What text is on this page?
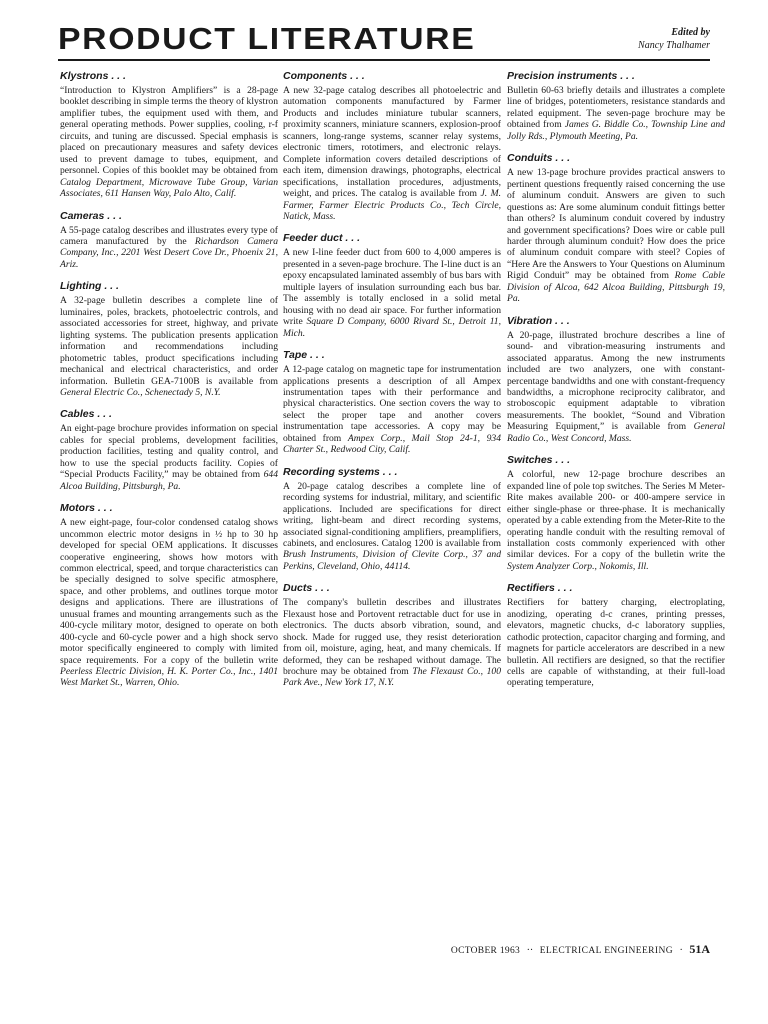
PRODUCT LITERATURE	Edited by
Nancy Thalhamer
Klystrons . . .

“Introduction to Klystron Amplifiers” is a 28-page booklet describing in simple terms the theory of klystron amplifier tubes, the equipment used with them, and general operating methods. Power supplies, cooling, r-f circuits, and tuning are discussed. Special emphasis is placed on precautionary measures and safety devices used to prevent damage to tubes, equipment, and personnel. Copies of this booklet may be obtained from Catalog Department, Microwave Tube Group, Varian Associates, 611 Hansen Way, Palo Alto, Calif.

Cameras . . .

A 55-page catalog describes and illustrates every type of camera manufactured by the Richardson Camera Company, Inc., 2201 West Desert Cove Dr., Phoenix 21, Ariz.

Lighting . . .

A 32-page bulletin describes a complete line of luminaires, poles, brackets, photoelectric controls, and associated accessories for street, highway, and private lighting systems. The publication presents application information and recommendations including photometric tables, product specifications including mechanical and electrical characteristics, and order information. Bulletin GEA-7100B is available from General Electric Co., Schenectady 5, N.Y.

Cables . . .

An eight-page brochure provides information on special cables for special problems, development facilities, production facilities, testing and quality control, and how to use the special products facility. Copies of “Special Products Facility,” may be obtained from 644 Alcoa Building, Pittsburgh, Pa.

Motors . . .

A new eight-page, four-color condensed catalog shows uncommon electric motor designs in ½ hp to 30 hp developed for special OEM applications. It discusses cooperative engineering, shows how motors with common electrical, speed, and torque characteristics can be specially designed to solve specific atmosphere, space, and other problems, and outlines torque motor designs and applications. There are illustrations of unusual frames and mounting arrangements such as the 400-cycle military motor, designed to operate on both 400-cycle and 60-cycle power and a high shock servo motor specifically engineered to comply with limited space requirements. For a copy of the bulletin write Peerless Electric Division, H. K. Porter Co., Inc., 1401 West Market St., Warren, Ohio.

Components . . .

A new 32-page catalog describes all photoelectric and automation components manufactured by Farmer Products and includes miniature tubular scanners, proximity scanners, miniature scanners, explosion-proof scanners, long-range systems, scanner relay systems, electronic timers, rototimers, and electronic relays. Complete information covers detailed descriptions of each item, dimension drawings, photographs, electrical specifications, installation procedures, adjustments, weight, and prices. The catalog is available from J. M. Farmer, Farmer Electric Products Co., Tech Circle, Natick, Mass.

Feeder duct . . .

A new I-line feeder duct from 600 to 4,000 amperes is presented in a seven-page brochure. The I-line duct is an epoxy encapsulated laminated assembly of bus bars with multiple layers of insulation surrounding each bus bar. The assembly is totally enclosed in a solid metal housing with no dead air space. For further information write Square D Company, 6000 Rivard St., Detroit 11, Mich.

Tape . . .

A 12-page catalog on magnetic tape for instrumentation applications presents a description of all Ampex instrumentation tapes with their performance and physical characteristics. One section covers the way to select the proper tape and another covers instrumentation tape accessories. A copy may be obtained from Ampex Corp., Mail Stop 24-1, 934 Charter St., Redwood City, Calif.

Recording systems . . .

A 20-page catalog describes a complete line of recording systems for industrial, military, and scientific applications. Included are specifications for direct writing, light-beam and direct recording systems, associated signal-conditioning amplifiers, preamplifiers, cabinets, and enclosures. Catalog 1200 is available from Brush Instruments, Division of Clevite Corp., 37 and Perkins, Cleveland, Ohio, 44114.

Ducts . . .

The company's bulletin describes and illustrates Flexaust hose and Portovent retractable duct for use in electronics. The ducts absorb vibration, sound, and shock. Made for rugged use, they resist deterioration from oil, moisture, aging, heat, and many chemicals. If deformed, they can be reshaped without damage. The brochure may be obtained from The Flexaust Co., 100 Park Ave., New York 17, N.Y.

Precision instruments . . .

Bulletin 60-63 briefly details and illustrates a complete line of bridges, potentiometers, resistance standards and related equipment. The seven-page brochure may be obtained from James G. Biddle Co., Township Line and Jolly Rds., Plymouth Meeting, Pa.

Conduits . . .

A new 13-page brochure provides practical answers to pertinent questions frequently raised concerning the use of aluminum conduit. Answers are given to such questions as: Are some aluminum conduit fittings better than others? Is aluminum conduit covered by industry and government specifications? Does wire or cable pull harder through aluminum conduit? How does the price of aluminum conduit compare with steel? Copies of “Here Are the Answers to Your Questions on Aluminum Rigid Conduit” may be obtained from Rome Cable Division of Alcoa, 642 Alcoa Building, Pittsburgh 19, Pa.

Vibration . . .

A 20-page, illustrated brochure describes a line of sound- and vibration-measuring instruments and associated apparatus. Among the new instruments included are two analyzers, one with constant-percentage bandwidths and one with constant-frequency bandwidths, a microphone reciprocity calibrator, and stroboscopic equipment adaptable to vibration measurements. The booklet, “Sound and Vibration Measuring Equipment,” is available from General Radio Co., West Concord, Mass.

Switches . . .

A colorful, new 12-page brochure describes an expanded line of pole top switches. The Series M Meter-Rite makes available 200- or 400-ampere service in either single-phase or three-phase. It is mechanically operated by a cable extending from the Meter-Rite to the operating handle conduit with the resulting removal of installation costs commonly experienced with other similar devices. For a copy of the bulletin write the System Analyzer Corp., Nokomis, Ill.

Rectifiers . . .

Rectifiers for battery charging, electroplating, anodizing, operating d-c cranes, printing presses, elevators, magnetic chucks, d-c laboratory supplies, cathodic protection, capacitor charging and forming, and magnets for particle accelerators are described in a new bulletin. All rectifiers are designed, so that the rectifier cells are capable of withstanding, at their full-load operating temperature,

OCTOBER 1963 ·· ELECTRICAL ENGINEERING · 51A
